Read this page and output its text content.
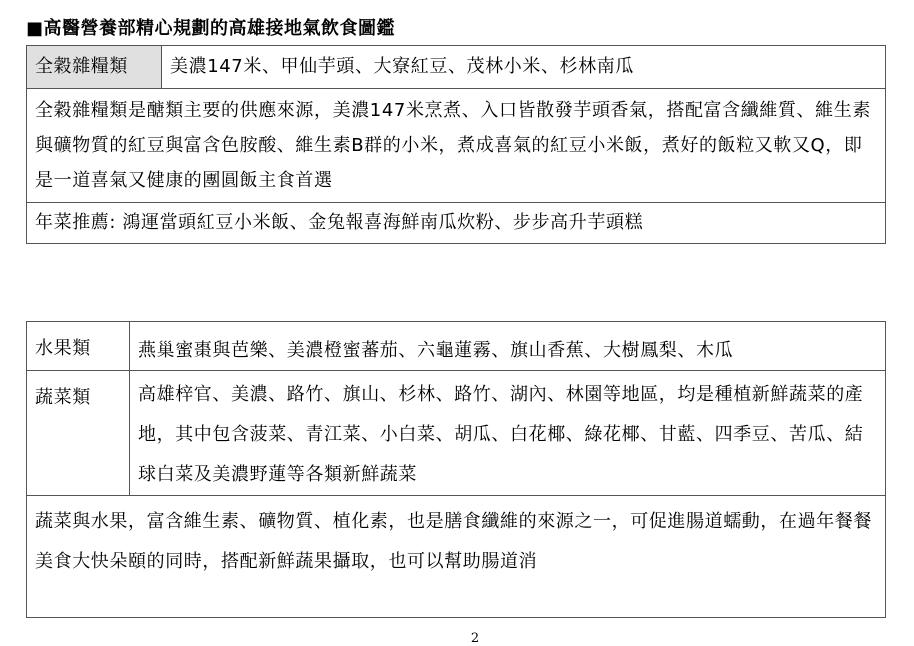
■高醫營養部精心規劃的高雄接地氣飲食圖鑑
全穀雜糧類	美濃147米、甲仙芋頭、大寮紅豆、茂林小米、杉林南瓜
全穀雜糧類是醣類主要的供應來源，美濃147米烹煮、入口皆散發芋頭香氣，搭配富含纖維質、維生素與礦物質的紅豆與富含色胺酸、維生素B群的小米，煮成喜氣的紅豆小米飯，煮好的飯粒又軟又Q，即是一道喜氣又健康的團圓飯主食首選
年菜推薦: 鴻運當頭紅豆小米飯、金兔報喜海鮮南瓜炊粉、步步高升芋頭糕
水果類	燕巢蜜棗與芭樂、美濃橙蜜蕃茄、六龜蓮霧、旗山香蕉、大樹鳳梨、木瓜
蔬菜類	高雄梓官、美濃、路竹、旗山、杉林、路竹、湖內、林園等地區，均是種植新鮮蔬菜的產地，其中包含菠菜、青江菜、小白菜、胡瓜、白花椰、綠花椰、甘藍、四季豆、苦瓜、結球白菜及美濃野蓮等各類新鮮蔬菜
蔬菜與水果，富含維生素、礦物質、植化素，也是膳食纖維的來源之一，可促進腸道蠕動，在過年餐餐美食大快朵頤的同時，搭配新鮮蔬果攝取，也可以幫助腸道消	
2
